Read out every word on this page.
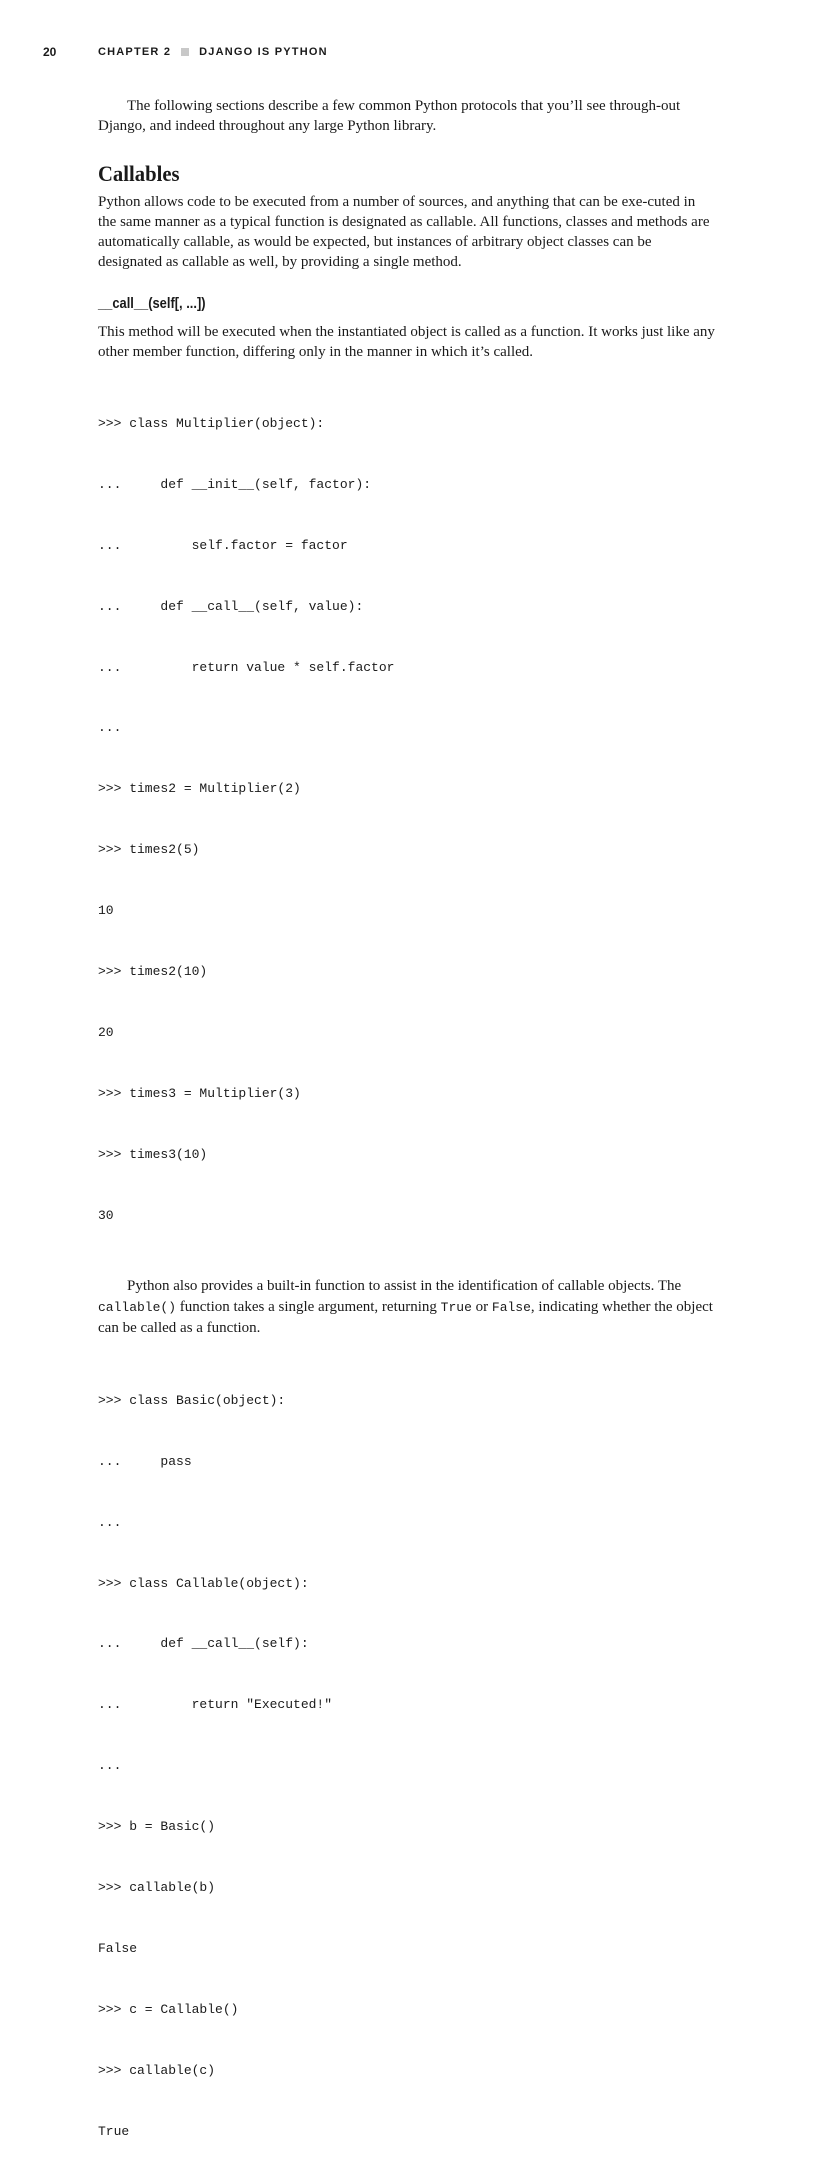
20	CHAPTER 2	DJANGO IS PYTHON

The following sections describe a few common Python protocols that you’ll see through-out Django, and indeed throughout any large Python library.

Callables

Python allows code to be executed from a number of sources, and anything that can be exe-cuted in the same manner as a typical function is designated as callable. All functions, classes and methods are automatically callable, as would be expected, but instances of arbitrary object classes can be designated as callable as well, by providing a single method.

__call__(self[, ...])

This method will be executed when the instantiated object is called as a function. It works just like any other member function, differing only in the manner in which it’s called.

>>> class Multiplier(object):

...     def __init__(self, factor):

...         self.factor = factor

...     def __call__(self, value):

...         return value * self.factor

...

>>> times2 = Multiplier(2)

>>> times2(5)

10

>>> times2(10)

20

>>> times3 = Multiplier(3)

>>> times3(10)

30

Python also provides a built-in function to assist in the identification of callable objects. The callable() function takes a single argument, returning True or False, indicating whether the object can be called as a function.

>>> class Basic(object):

...     pass

...

>>> class Callable(object):

...     def __call__(self):

...         return "Executed!"

...

>>> b = Basic()

>>> callable(b)

False

>>> c = Callable()

>>> callable(c)

True
